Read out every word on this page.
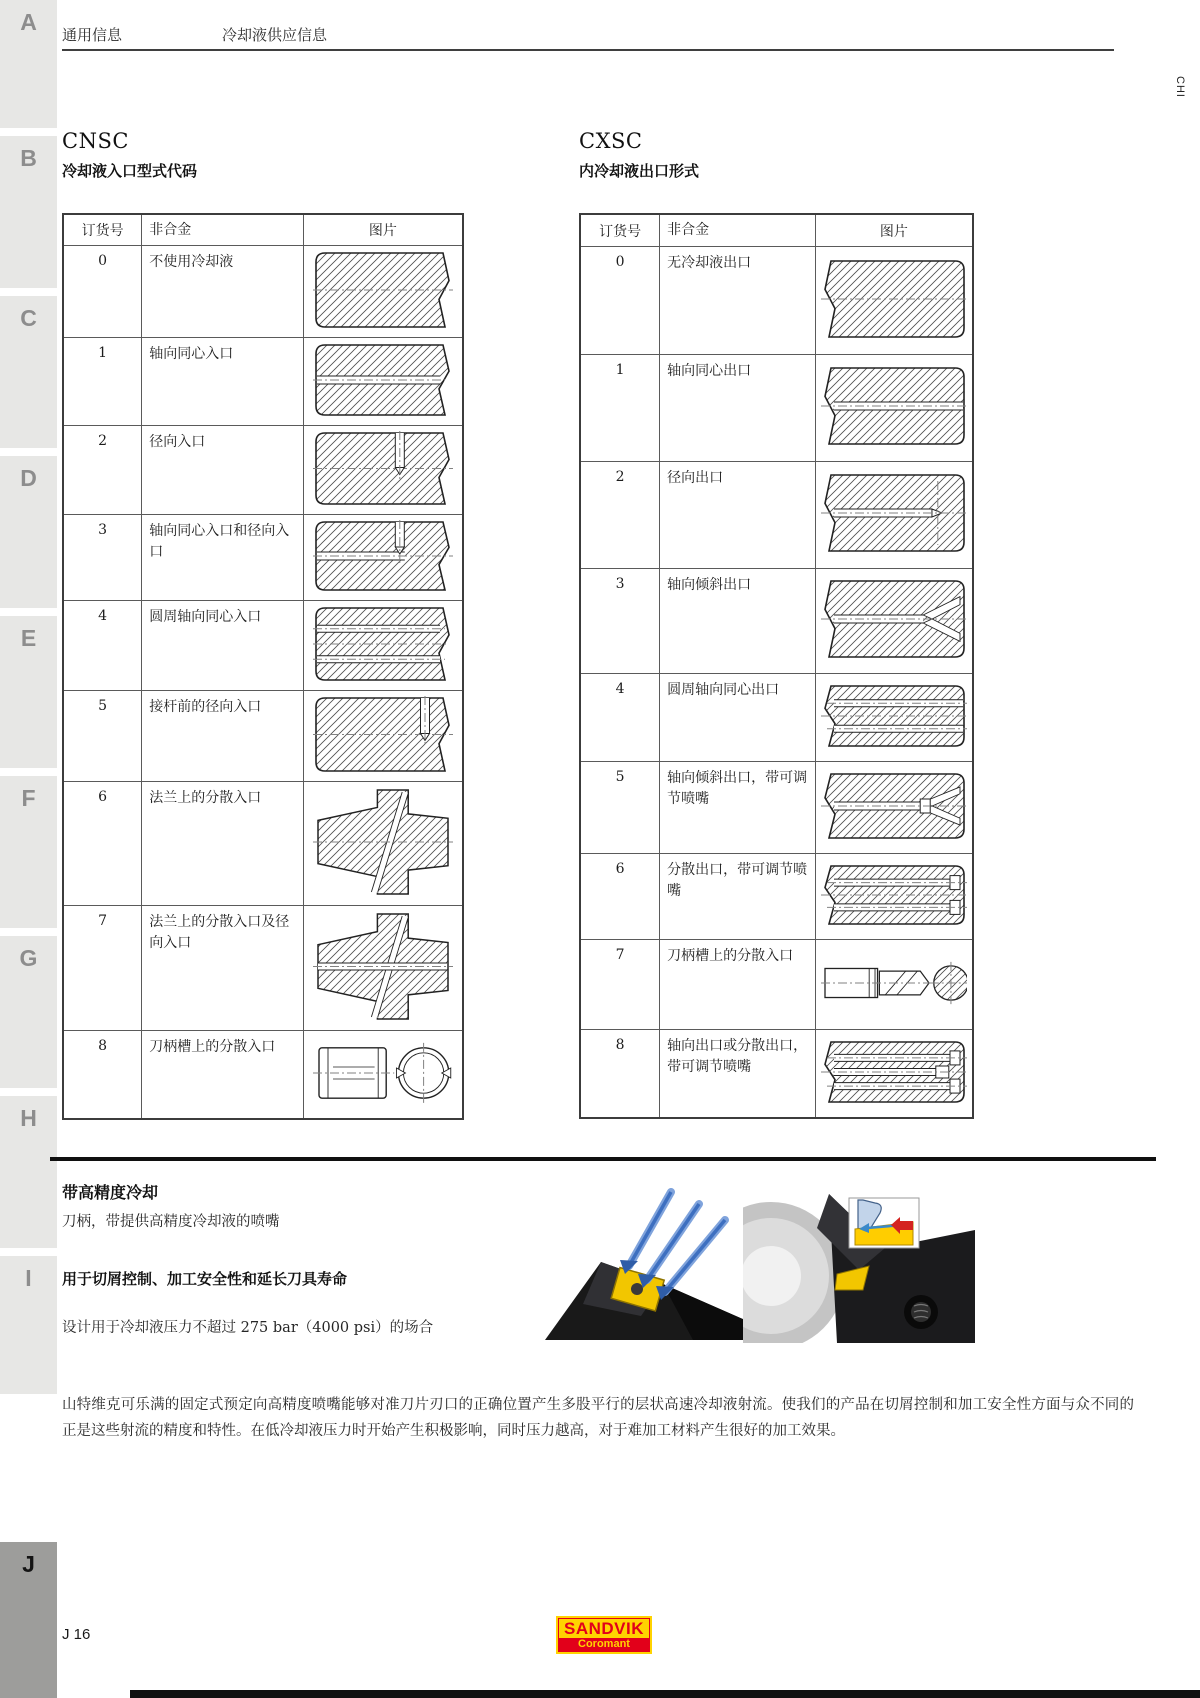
A
B
C
D
E
F
G
H
I
J
通用信息	冷却液供应信息
CHI
CNSC
冷却液入口型式代码
CXSC
内冷却液出口形式
订货号	非合金	图片
0	不使用冷却液
1	轴向同心入口
2	径向入口
3	轴向同心入口和径向入口
4	圆周轴向同心入口
5	接杆前的径向入口
6	法兰上的分散入口
7	法兰上的分散入口及径向入口
8	刀柄槽上的分散入口
订货号	非合金	图片
0	无冷却液出口
1	轴向同心出口
2	径向出口
3	轴向倾斜出口
4	圆周轴向同心出口
5	轴向倾斜出口，带可调节喷嘴
6	分散出口，带可调节喷嘴
7	刀柄槽上的分散入口
8	轴向出口或分散出口，带可调节喷嘴
带高精度冷却
刀柄，带提供高精度冷却液的喷嘴
用于切屑控制、加工安全性和延长刀具寿命
设计用于冷却液压力不超过 275 bar（4000 psi）的场合
山特维克可乐满的固定式预定向高精度喷嘴能够对准刀片刃口的正确位置产生多股平行的层状高速冷却液射流。使我们的产品在切屑控制和加工安全性方面与众不同的正是这些射流的精度和特性。在低冷却液压力时开始产生积极影响，同时压力越高，对于难加工材料产生很好的加工效果。
J 16	SANDVIK
Coromant
